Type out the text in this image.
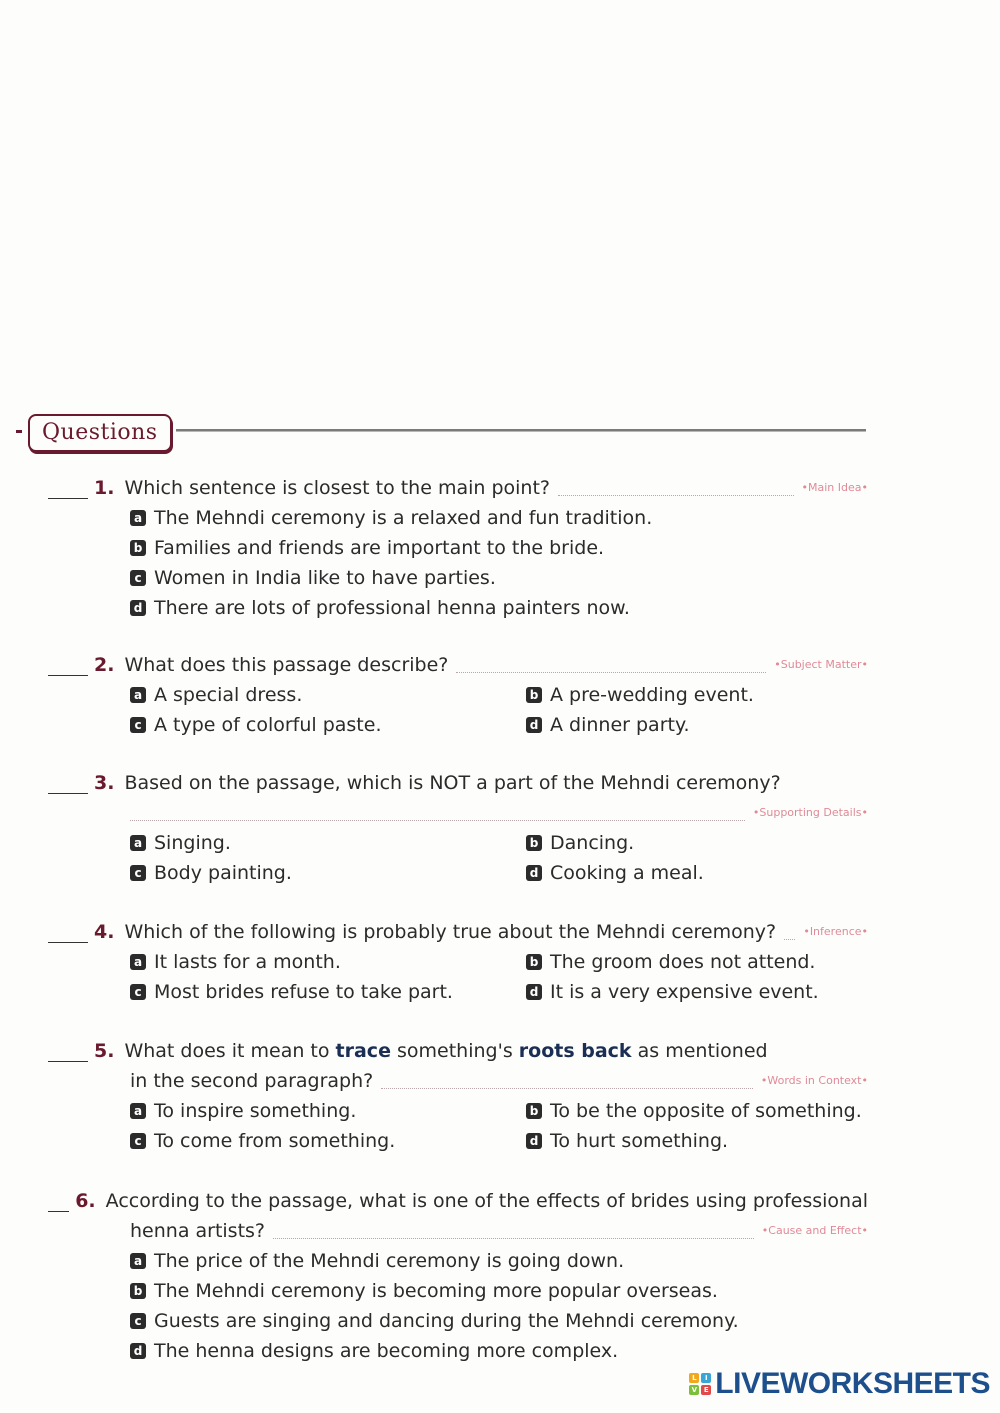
Questions
1. Which sentence is closest to the main point?	•Main Idea•
a The Mehndi ceremony is a relaxed and fun tradition.
b Families and friends are important to the bride.
c Women in India like to have parties.
d There are lots of professional henna painters now.
2. What does this passage describe?	•Subject Matter•
a A special dress.	b A pre-wedding event.
c A type of colorful paste.	d A dinner party.
3. Based on the passage, which is NOT a part of the Mehndi ceremony?
•Supporting Details•
a Singing.	b Dancing.
c Body painting.	d Cooking a meal.
4. Which of the following is probably true about the Mehndi ceremony? •Inference•
a It lasts for a month.	b The groom does not attend.
c Most brides refuse to take part.	d It is a very expensive event.
5. What does it mean to trace something's roots back as mentioned
in the second paragraph?	•Words in Context•
a To inspire something.	b To be the opposite of something.
c To come from something.	d To hurt something.
6. According to the passage, what is one of the effects of brides using professional
henna artists?	•Cause and Effect•
a The price of the Mehndi ceremony is going down.
b The Mehndi ceremony is becoming more popular overseas.
c Guests are singing and dancing during the Mehndi ceremony.
d The henna designs are becoming more complex.
L	I
V E LIVEWORKSHEETS
